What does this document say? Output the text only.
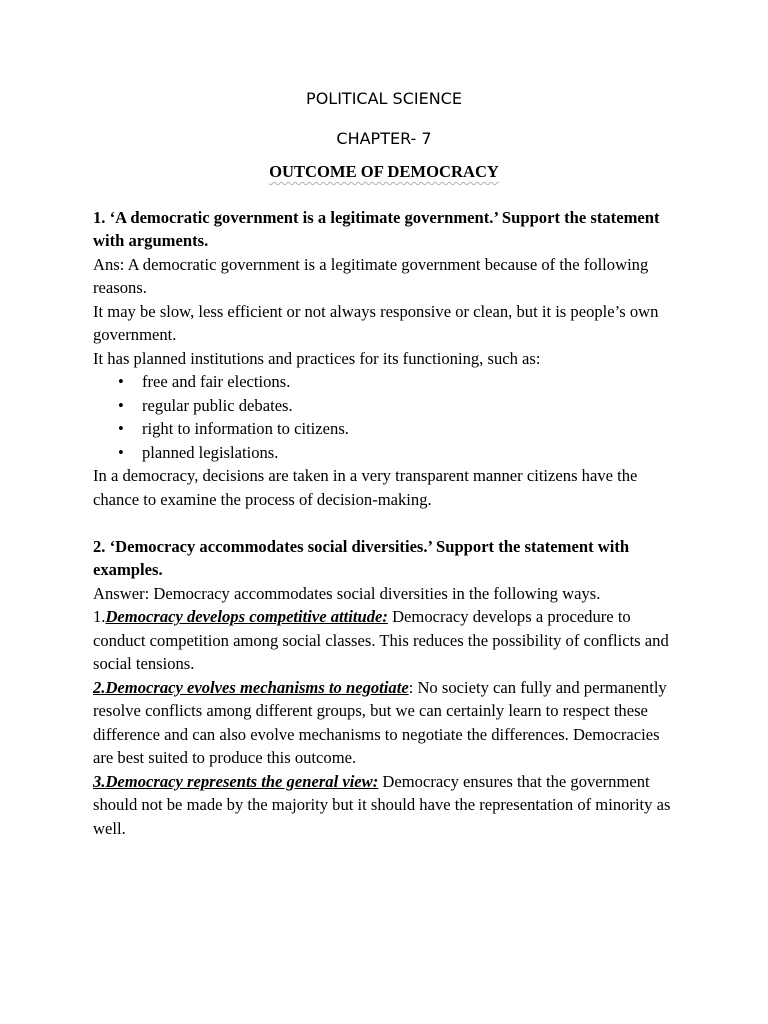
POLITICAL SCIENCE
CHAPTER- 7
OUTCOME OF DEMOCRACY

1. ‘A democratic government is a legitimate government.’ Support the statement with arguments.

Ans: A democratic government is a legitimate government because of the following reasons.

It may be slow, less efficient or not always responsive or clean, but it is people’s own government.

It has planned institutions and practices for its functioning, such as:

• free and fair elections.
• regular public debates.
• right to information to citizens.
• planned legislations.

In a democracy, decisions are taken in a very transparent manner citizens have the chance to examine the process of decision-making.

2. ‘Democracy accommodates social diversities.’ Support the statement with examples.

Answer: Democracy accommodates social diversities in the following ways.

1.Democracy develops competitive attitude: Democracy develops a procedure to conduct competition among social classes. This reduces the possibility of conflicts and social tensions.

2.Democracy evolves mechanisms to negotiate: No society can fully and permanently resolve conflicts among different groups, but we can certainly learn to respect these difference and can also evolve mechanisms to negotiate the differences. Democracies are best suited to produce this outcome.

3.Democracy represents the general view: Democracy ensures that the government should not be made by the majority but it should have the representation of minority as well.
